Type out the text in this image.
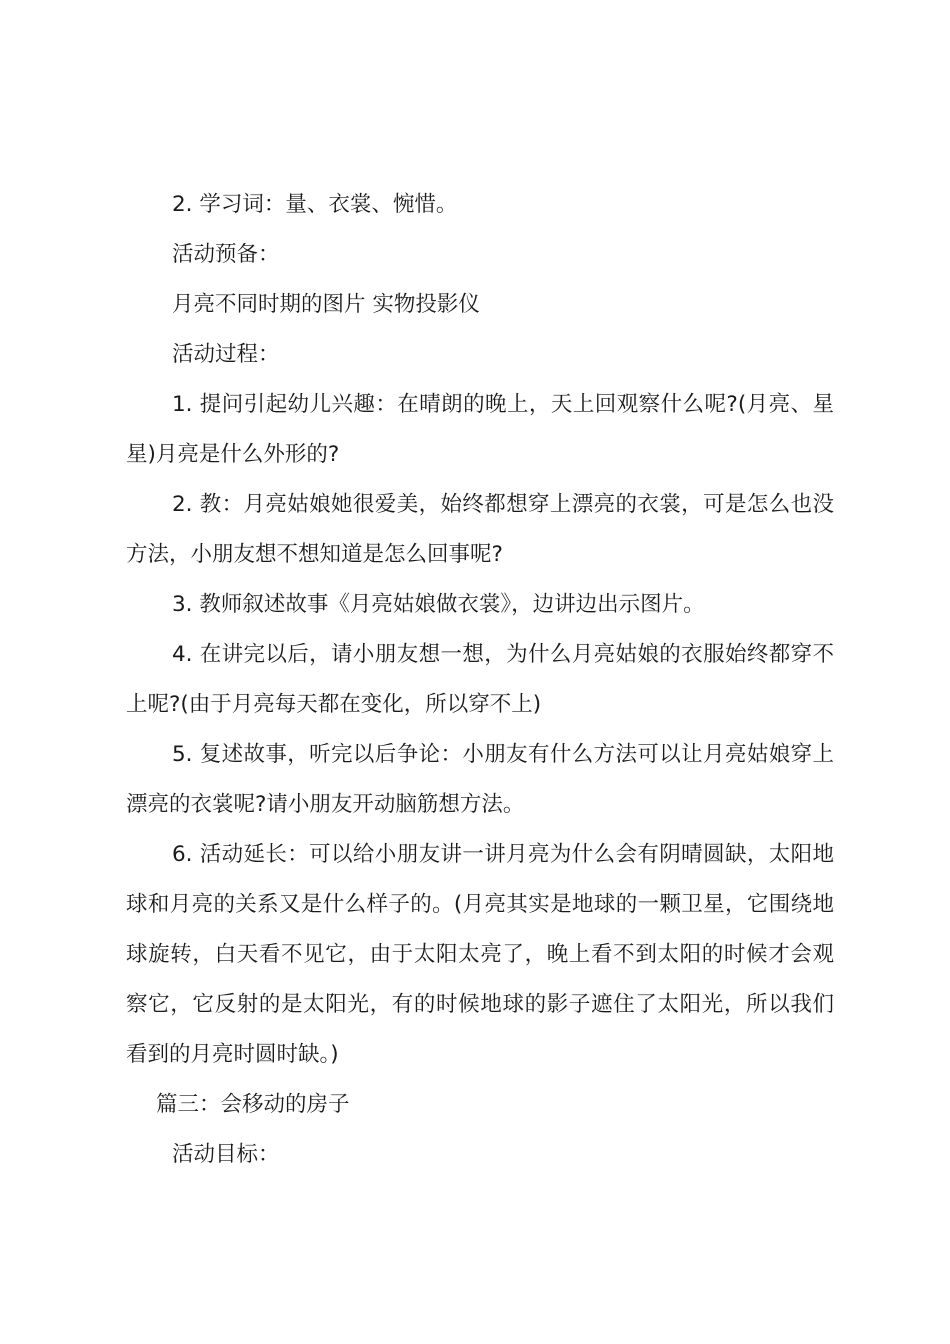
2. 学习词：量、衣裳、惋惜。

活动预备：

月亮不同时期的图片 实物投影仪

活动过程：

1. 提问引起幼儿兴趣：在晴朗的晚上，天上回观察什么呢?(月亮、星星)月亮是什么外形的?

2. 教：月亮姑娘她很爱美，始终都想穿上漂亮的衣裳，可是怎么也没方法，小朋友想不想知道是怎么回事呢?

3. 教师叙述故事《月亮姑娘做衣裳》，边讲边出示图片。

4. 在讲完以后，请小朋友想一想，为什么月亮姑娘的衣服始终都穿不上呢?(由于月亮每天都在变化，所以穿不上)

5. 复述故事，听完以后争论：小朋友有什么方法可以让月亮姑娘穿上漂亮的衣裳呢?请小朋友开动脑筋想方法。

6. 活动延长：可以给小朋友讲一讲月亮为什么会有阴晴圆缺，太阳地球和月亮的关系又是什么样子的。(月亮其实是地球的一颗卫星，它围绕地球旋转，白天看不见它，由于太阳太亮了，晚上看不到太阳的时候才会观察它，它反射的是太阳光，有的时候地球的影子遮住了太阳光，所以我们看到的月亮时圆时缺。)

篇三：会移动的房子

活动目标：
